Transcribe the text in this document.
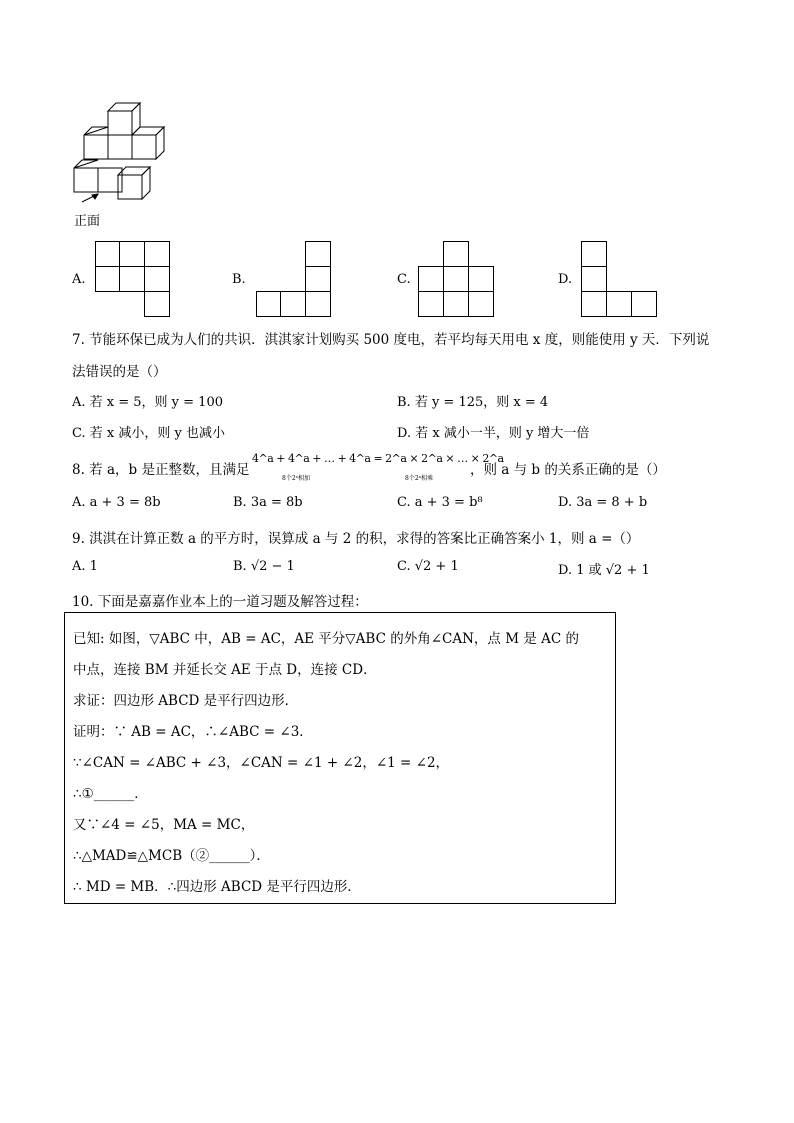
正面
A.	B.	C.	D.
7. 节能环保已成为人们的共识．淇淇家计划购买 500 度电，若平均每天用电 x 度，则能使用 y 天．下列说
法错误的是（）
A. 若 x = 5，则 y = 100	B. 若 y = 125，则 x = 4
C. 若 x 减小，则 y 也减小	D. 若 x 减小一半，则 y 增大一倍
8. 若 a，b 是正整数，且满足
4^a + 4^a + … + 4^a = 2^a × 2^a × … × 2^a
8个2ᵃ相加	8个2ᵃ相乘
，则 a 与 b 的关系正确的是（）
A. a + 3 = 8b	B. 3a = 8b	C. a + 3 = b⁸	D. 3a = 8 + b
9. 淇淇在计算正数 a 的平方时，误算成 a 与 2 的积，求得的答案比正确答案小 1，则 a =（）
A. 1	B. √2 − 1	C. √2 + 1	D. 1 或 √2 + 1
10. 下面是嘉嘉作业本上的一道习题及解答过程：
已知: 如图，▽ABC 中，AB = AC，AE 平分▽ABC 的外角∠CAN，点 M 是 AC 的
中点，连接 BM 并延长交 AE 于点 D，连接 CD．
求证：四边形 ABCD 是平行四边形．
证明：∵ AB = AC，∴∠ABC = ∠3．
∵∠CAN = ∠ABC + ∠3，∠CAN = ∠1 + ∠2，∠1 = ∠2，
∴①______．
又∵∠4 = ∠5，MA = MC，
∴△MAD≌△MCB（②______）．
∴ MD = MB．∴四边形 ABCD 是平行四边形．
